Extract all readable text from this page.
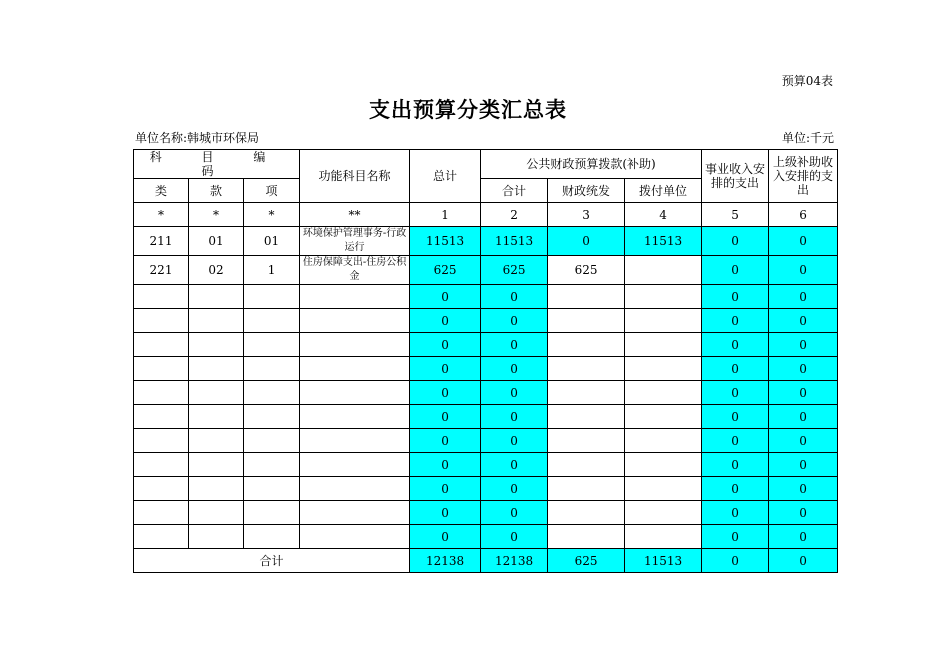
预算04表
支出预算分类汇总表
单位名称:韩城市环保局	单位:千元
科 目 编 码			功能科目名称	总计	公共财政预算拨款(补助)			事业收入安排的支出	上级补助收入安排的支出
类	款	项			合计	财政统发	拨付单位		
*	*	*	**	1	2	3	4	5	6
211	01	01	环境保护管理事务-行政运行	11513	11513	0	11513	0	0
221	02	1	住房保障支出-住房公积金	625	625	625		0	0
				0	0			0	0
				0	0			0	0
				0	0			0	0
				0	0			0	0
				0	0			0	0
				0	0			0	0
				0	0			0	0
				0	0			0	0
				0	0			0	0
				0	0			0	0
				0	0			0	0
合计				12138	12138	625	11513	0	0
